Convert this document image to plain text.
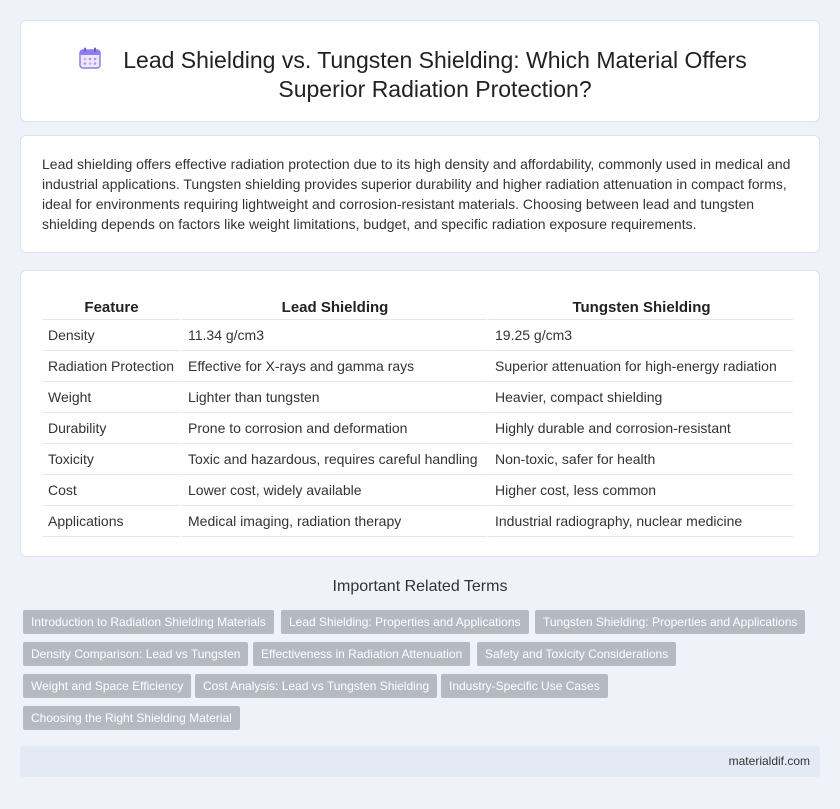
Lead Shielding vs. Tungsten Shielding: Which Material Offers Superior Radiation Protection?

Lead shielding offers effective radiation protection due to its high density and affordability, commonly used in medical and industrial applications. Tungsten shielding provides superior durability and higher radiation attenuation in compact forms, ideal for environments requiring lightweight and corrosion-resistant materials. Choosing between lead and tungsten shielding depends on factors like weight limitations, budget, and specific radiation exposure requirements.

Feature	Lead Shielding	Tungsten Shielding
Density	11.34 g/cm3	19.25 g/cm3
Radiation Protection	Effective for X-rays and gamma rays	Superior attenuation for high-energy radiation
Weight	Lighter than tungsten	Heavier, compact shielding
Durability	Prone to corrosion and deformation	Highly durable and corrosion-resistant
Toxicity	Toxic and hazardous, requires careful handling	Non-toxic, safer for health
Cost	Lower cost, widely available	Higher cost, less common
Applications	Medical imaging, radiation therapy	Industrial radiography, nuclear medicine
Important Related Terms
Introduction to Radiation Shielding Materials	Lead Shielding: Properties and Applications	Tungsten Shielding: Properties and Applications
Density Comparison: Lead vs Tungsten	Effectiveness in Radiation Attenuation	Safety and Toxicity Considerations
Weight and Space Efficiency	Cost Analysis: Lead vs Tungsten Shielding	Industry-Specific Use Cases
Choosing the Right Shielding Material
materialdif.com
